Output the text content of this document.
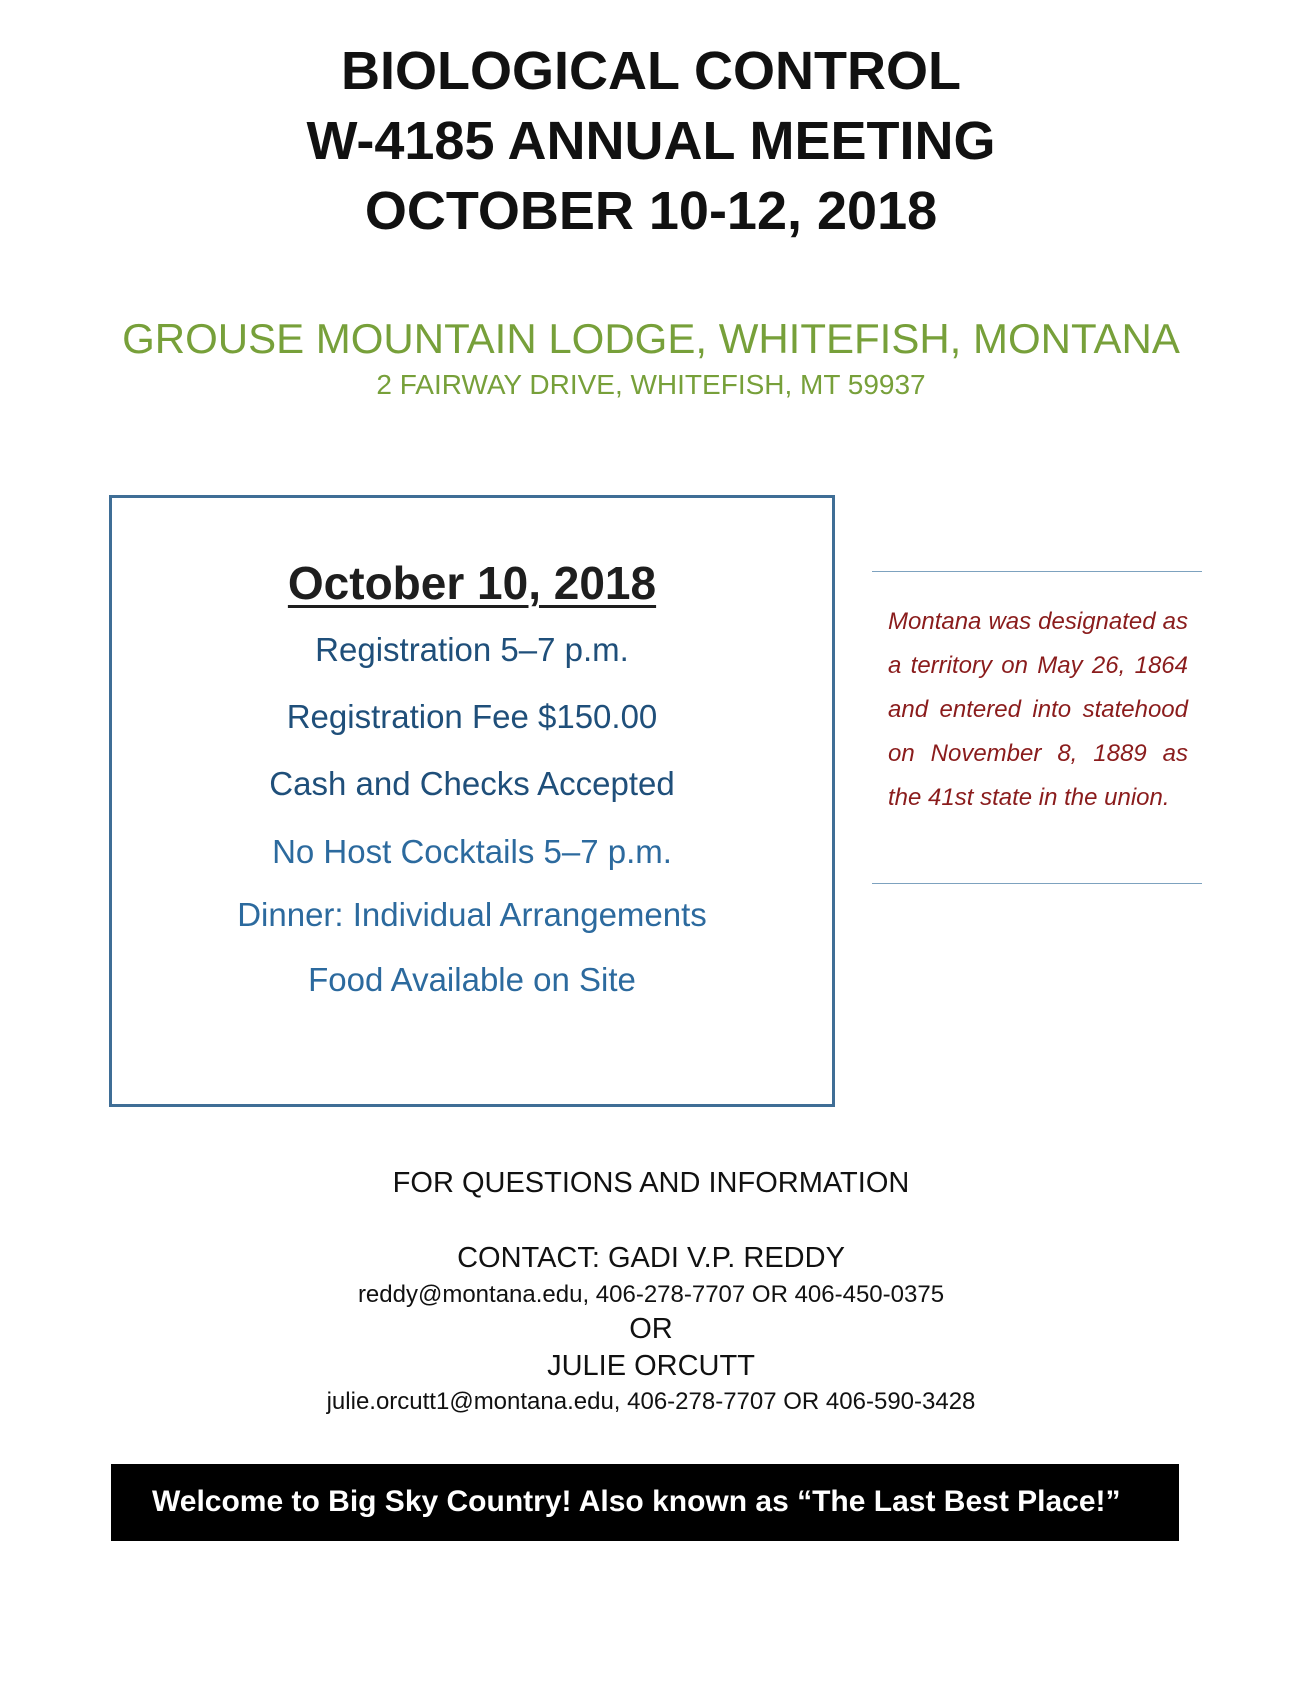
BIOLOGICAL CONTROL
W-4185 ANNUAL MEETING
OCTOBER 10-12, 2018
GROUSE MOUNTAIN LODGE, WHITEFISH, MONTANA
2 FAIRWAY DRIVE, WHITEFISH, MT 59937
October 10, 2018
Registration 5–7 p.m.
Registration Fee $150.00
Cash and Checks Accepted
No Host Cocktails 5–7 p.m.
Dinner: Individual Arrangements
Food Available on Site
Montana was designated as a territory on May 26, 1864 and entered into statehood on November 8, 1889 as the 41st state in the union.
FOR QUESTIONS AND INFORMATION
CONTACT: GADI V.P. REDDY
reddy@montana.edu, 406-278-7707 OR 406-450-0375
OR
JULIE ORCUTT
julie.orcutt1@montana.edu, 406-278-7707 OR 406-590-3428
Welcome to Big Sky Country! Also known as “The Last Best Place!”
